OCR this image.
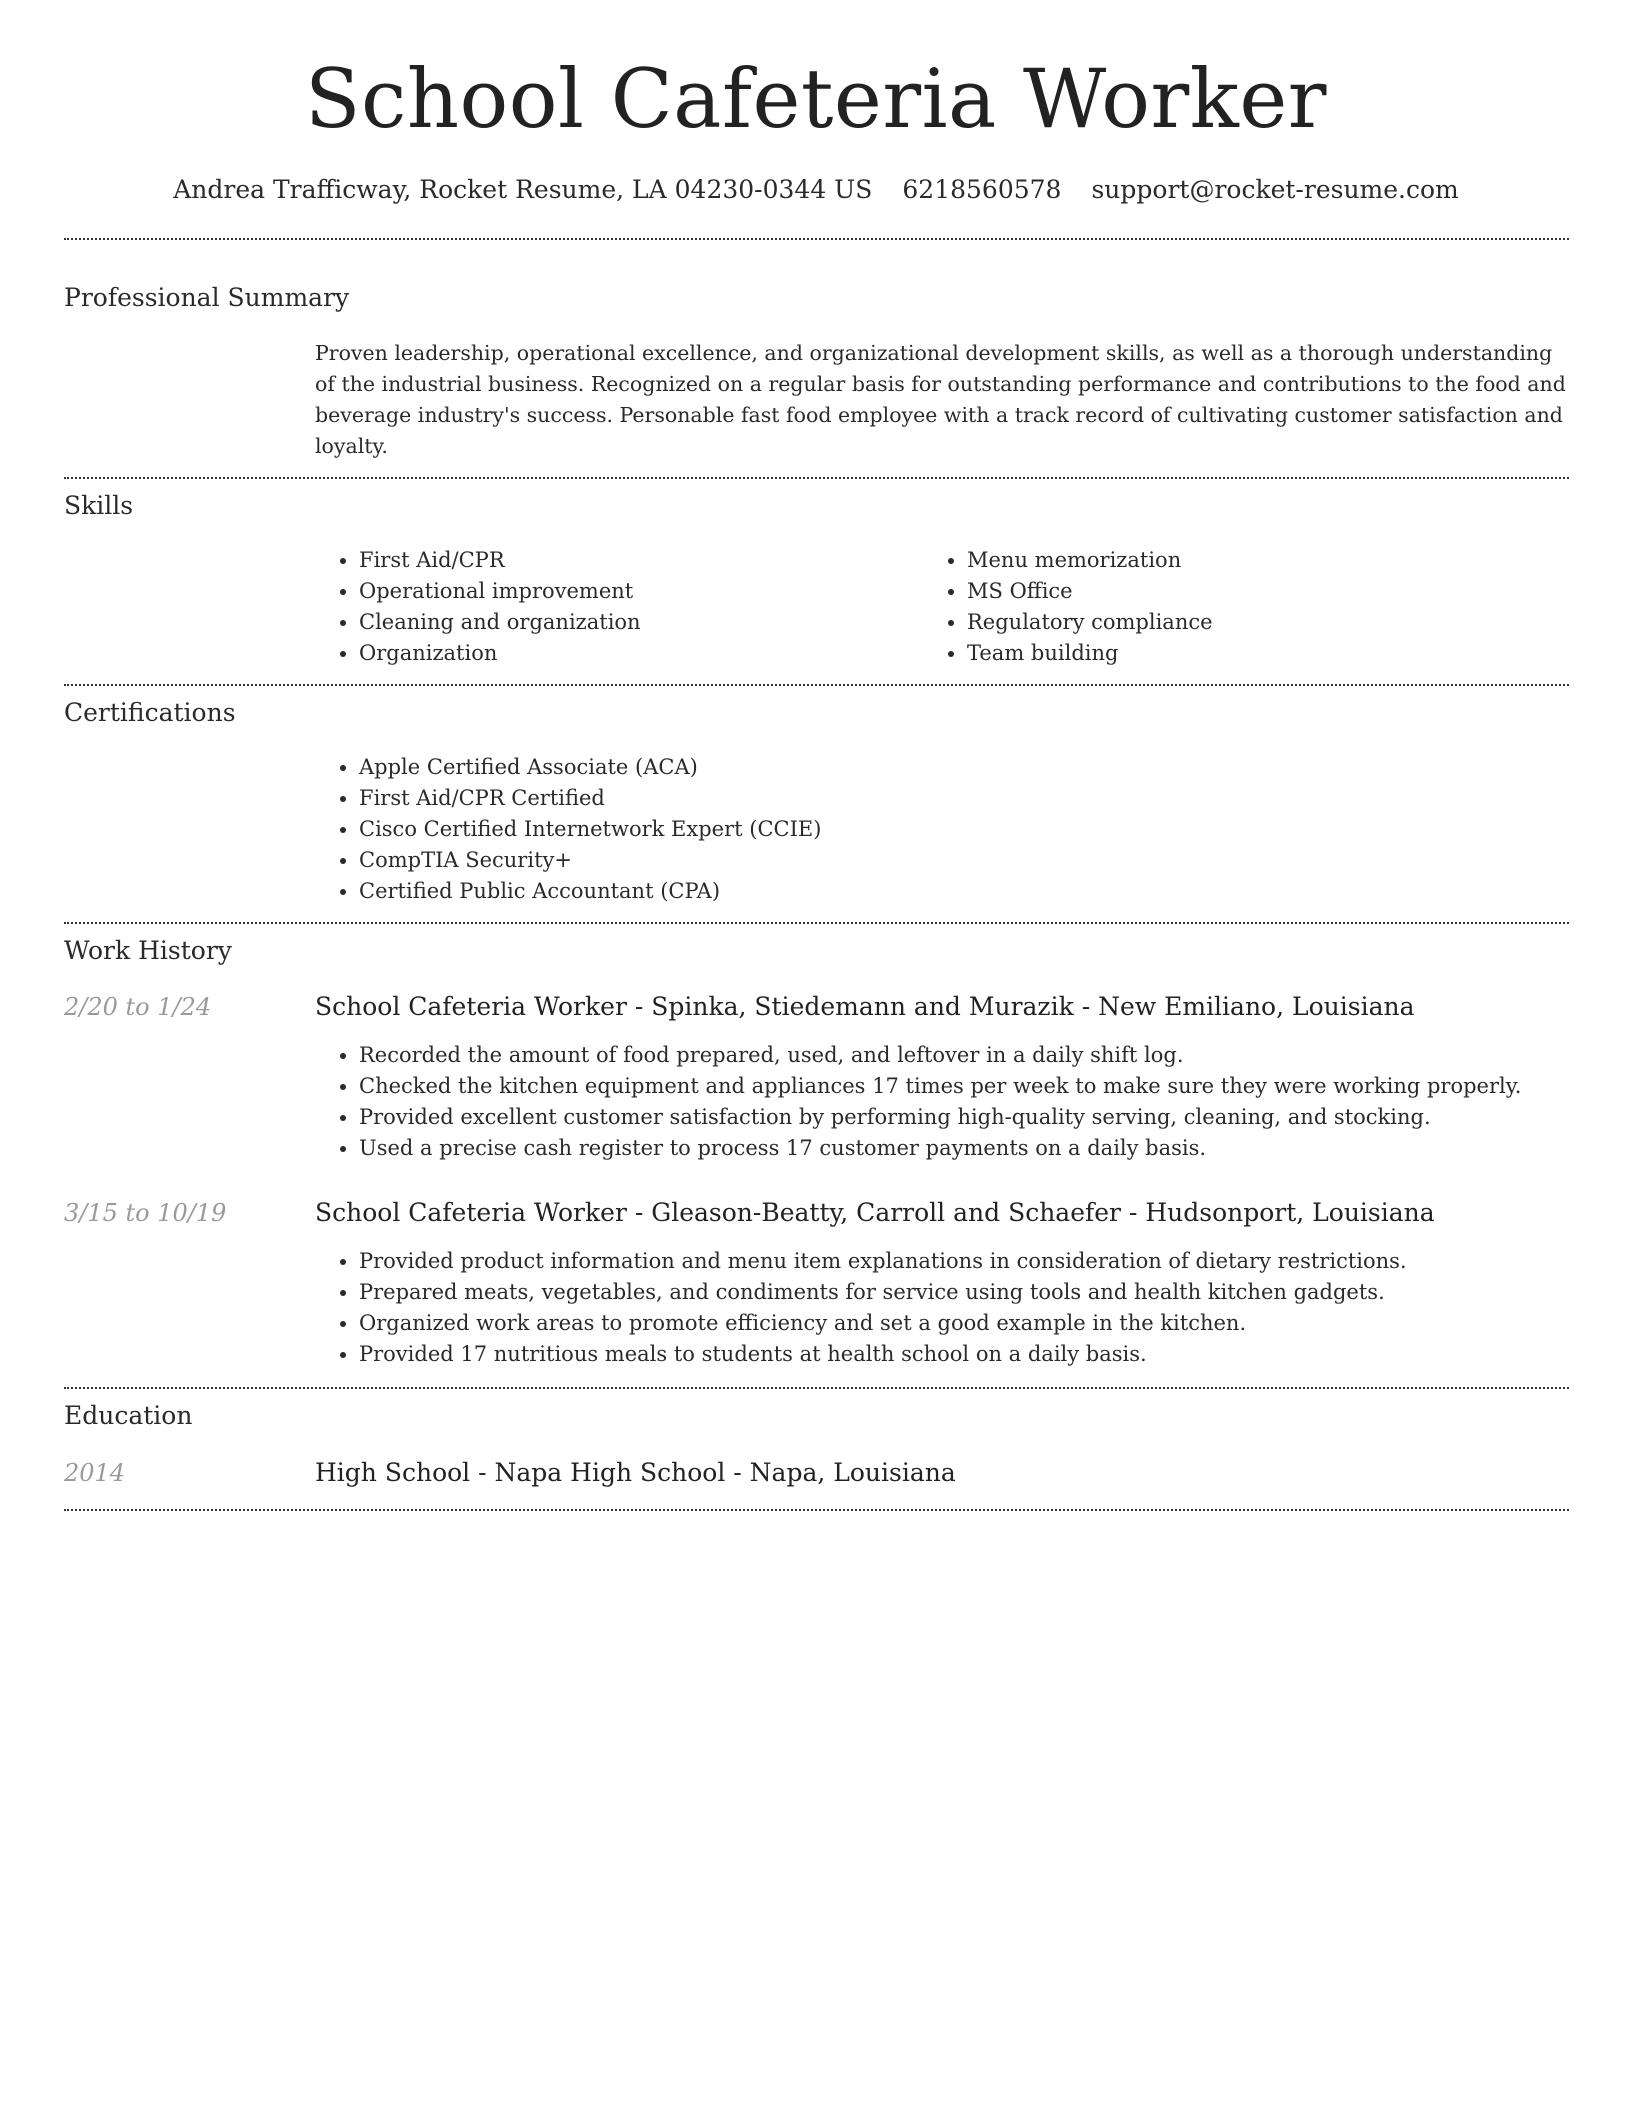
School Cafeteria Worker
Andrea Trafficway, Rocket Resume, LA 04230-0344 US 6218560578 support@rocket-resume.com
Professional Summary

Proven leadership, operational excellence, and organizational development skills, as well as a thorough understanding of the industrial business. Recognized on a regular basis for outstanding performance and contributions to the food and beverage industry's success. Personable fast food employee with a track record of cultivating customer satisfaction and loyalty.

Skills
• First Aid/CPR
• Operational improvement
• Cleaning and organization
• Organization
• Menu memorization
• MS Office
• Regulatory compliance
• Team building
Certifications
• Apple Certified Associate (ACA)
• First Aid/CPR Certified
• Cisco Certified Internetwork Expert (CCIE)
• CompTIA Security+
• Certified Public Accountant (CPA)
Work History
2/20 to 1/24	School Cafeteria Worker - Spinka, Stiedemann and Murazik - New Emiliano, Louisiana
• Recorded the amount of food prepared, used, and leftover in a daily shift log.
• Checked the kitchen equipment and appliances 17 times per week to make sure they were working properly.
• Provided excellent customer satisfaction by performing high-quality serving, cleaning, and stocking.
• Used a precise cash register to process 17 customer payments on a daily basis.
3/15 to 10/19	School Cafeteria Worker - Gleason-Beatty, Carroll and Schaefer - Hudsonport, Louisiana
• Provided product information and menu item explanations in consideration of dietary restrictions.
• Prepared meats, vegetables, and condiments for service using tools and health kitchen gadgets.
• Organized work areas to promote efficiency and set a good example in the kitchen.
• Provided 17 nutritious meals to students at health school on a daily basis.
Education
2014	High School - Napa High School - Napa, Louisiana
